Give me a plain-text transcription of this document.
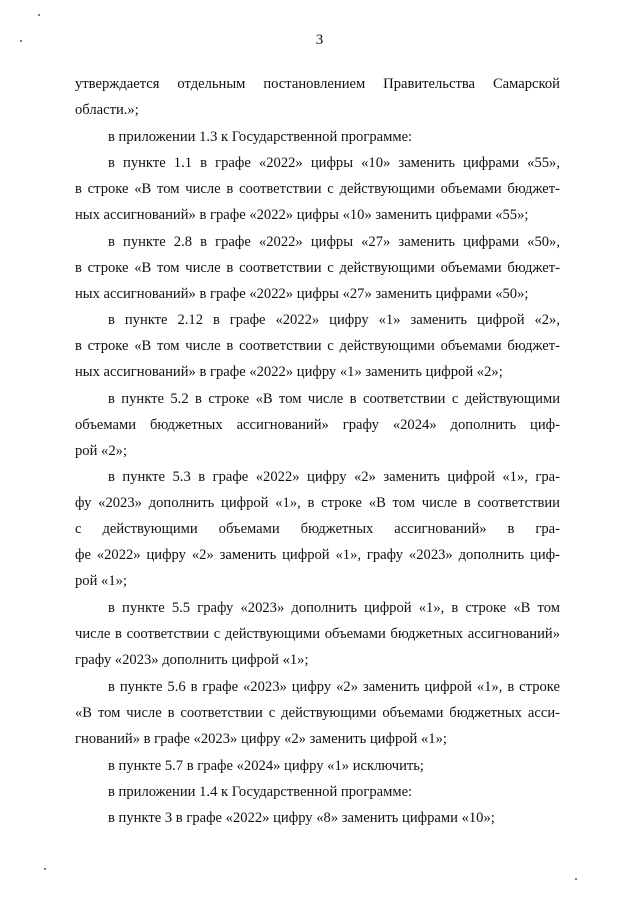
3
утверждается отдельным постановлением Правительства Самарской
области.»;
в приложении 1.3 к Государственной программе:
в пункте 1.1 в графе «2022» цифры «10» заменить цифрами «55»,
в строке «В том числе в соответствии с действующими объемами бюджет-
ных ассигнований» в графе «2022» цифры «10» заменить цифрами «55»;
в пункте 2.8 в графе «2022» цифры «27» заменить цифрами «50»,
в строке «В том числе в соответствии с действующими объемами бюджет-
ных ассигнований» в графе «2022» цифры «27» заменить цифрами «50»;
в пункте 2.12 в графе «2022» цифру «1» заменить цифрой «2»,
в строке «В том числе в соответствии с действующими объемами бюджет-
ных ассигнований» в графе «2022» цифру «1» заменить цифрой «2»;
в пункте 5.2 в строке «В том числе в соответствии с действующими
объемами бюджетных ассигнований» графу «2024» дополнить циф-
рой «2»;
в пункте 5.3 в графе «2022» цифру «2» заменить цифрой «1», гра-
фу «2023» дополнить цифрой «1», в строке «В том числе в соответствии
с действующими объемами бюджетных ассигнований» в гра-
фе «2022» цифру «2» заменить цифрой «1», графу «2023» дополнить циф-
рой «1»;
в пункте 5.5 графу «2023» дополнить цифрой «1», в строке «В том
числе в соответствии с действующими объемами бюджетных ассигнований»
графу «2023» дополнить цифрой «1»;
в пункте 5.6 в графе «2023» цифру «2» заменить цифрой «1», в строке
«В том числе в соответствии с действующими объемами бюджетных асси-
гнований» в графе «2023» цифру «2» заменить цифрой «1»;
в пункте 5.7 в графе «2024» цифру «1» исключить;
в приложении 1.4 к Государственной программе:
в пункте 3 в графе «2022» цифру «8» заменить цифрами «10»;
